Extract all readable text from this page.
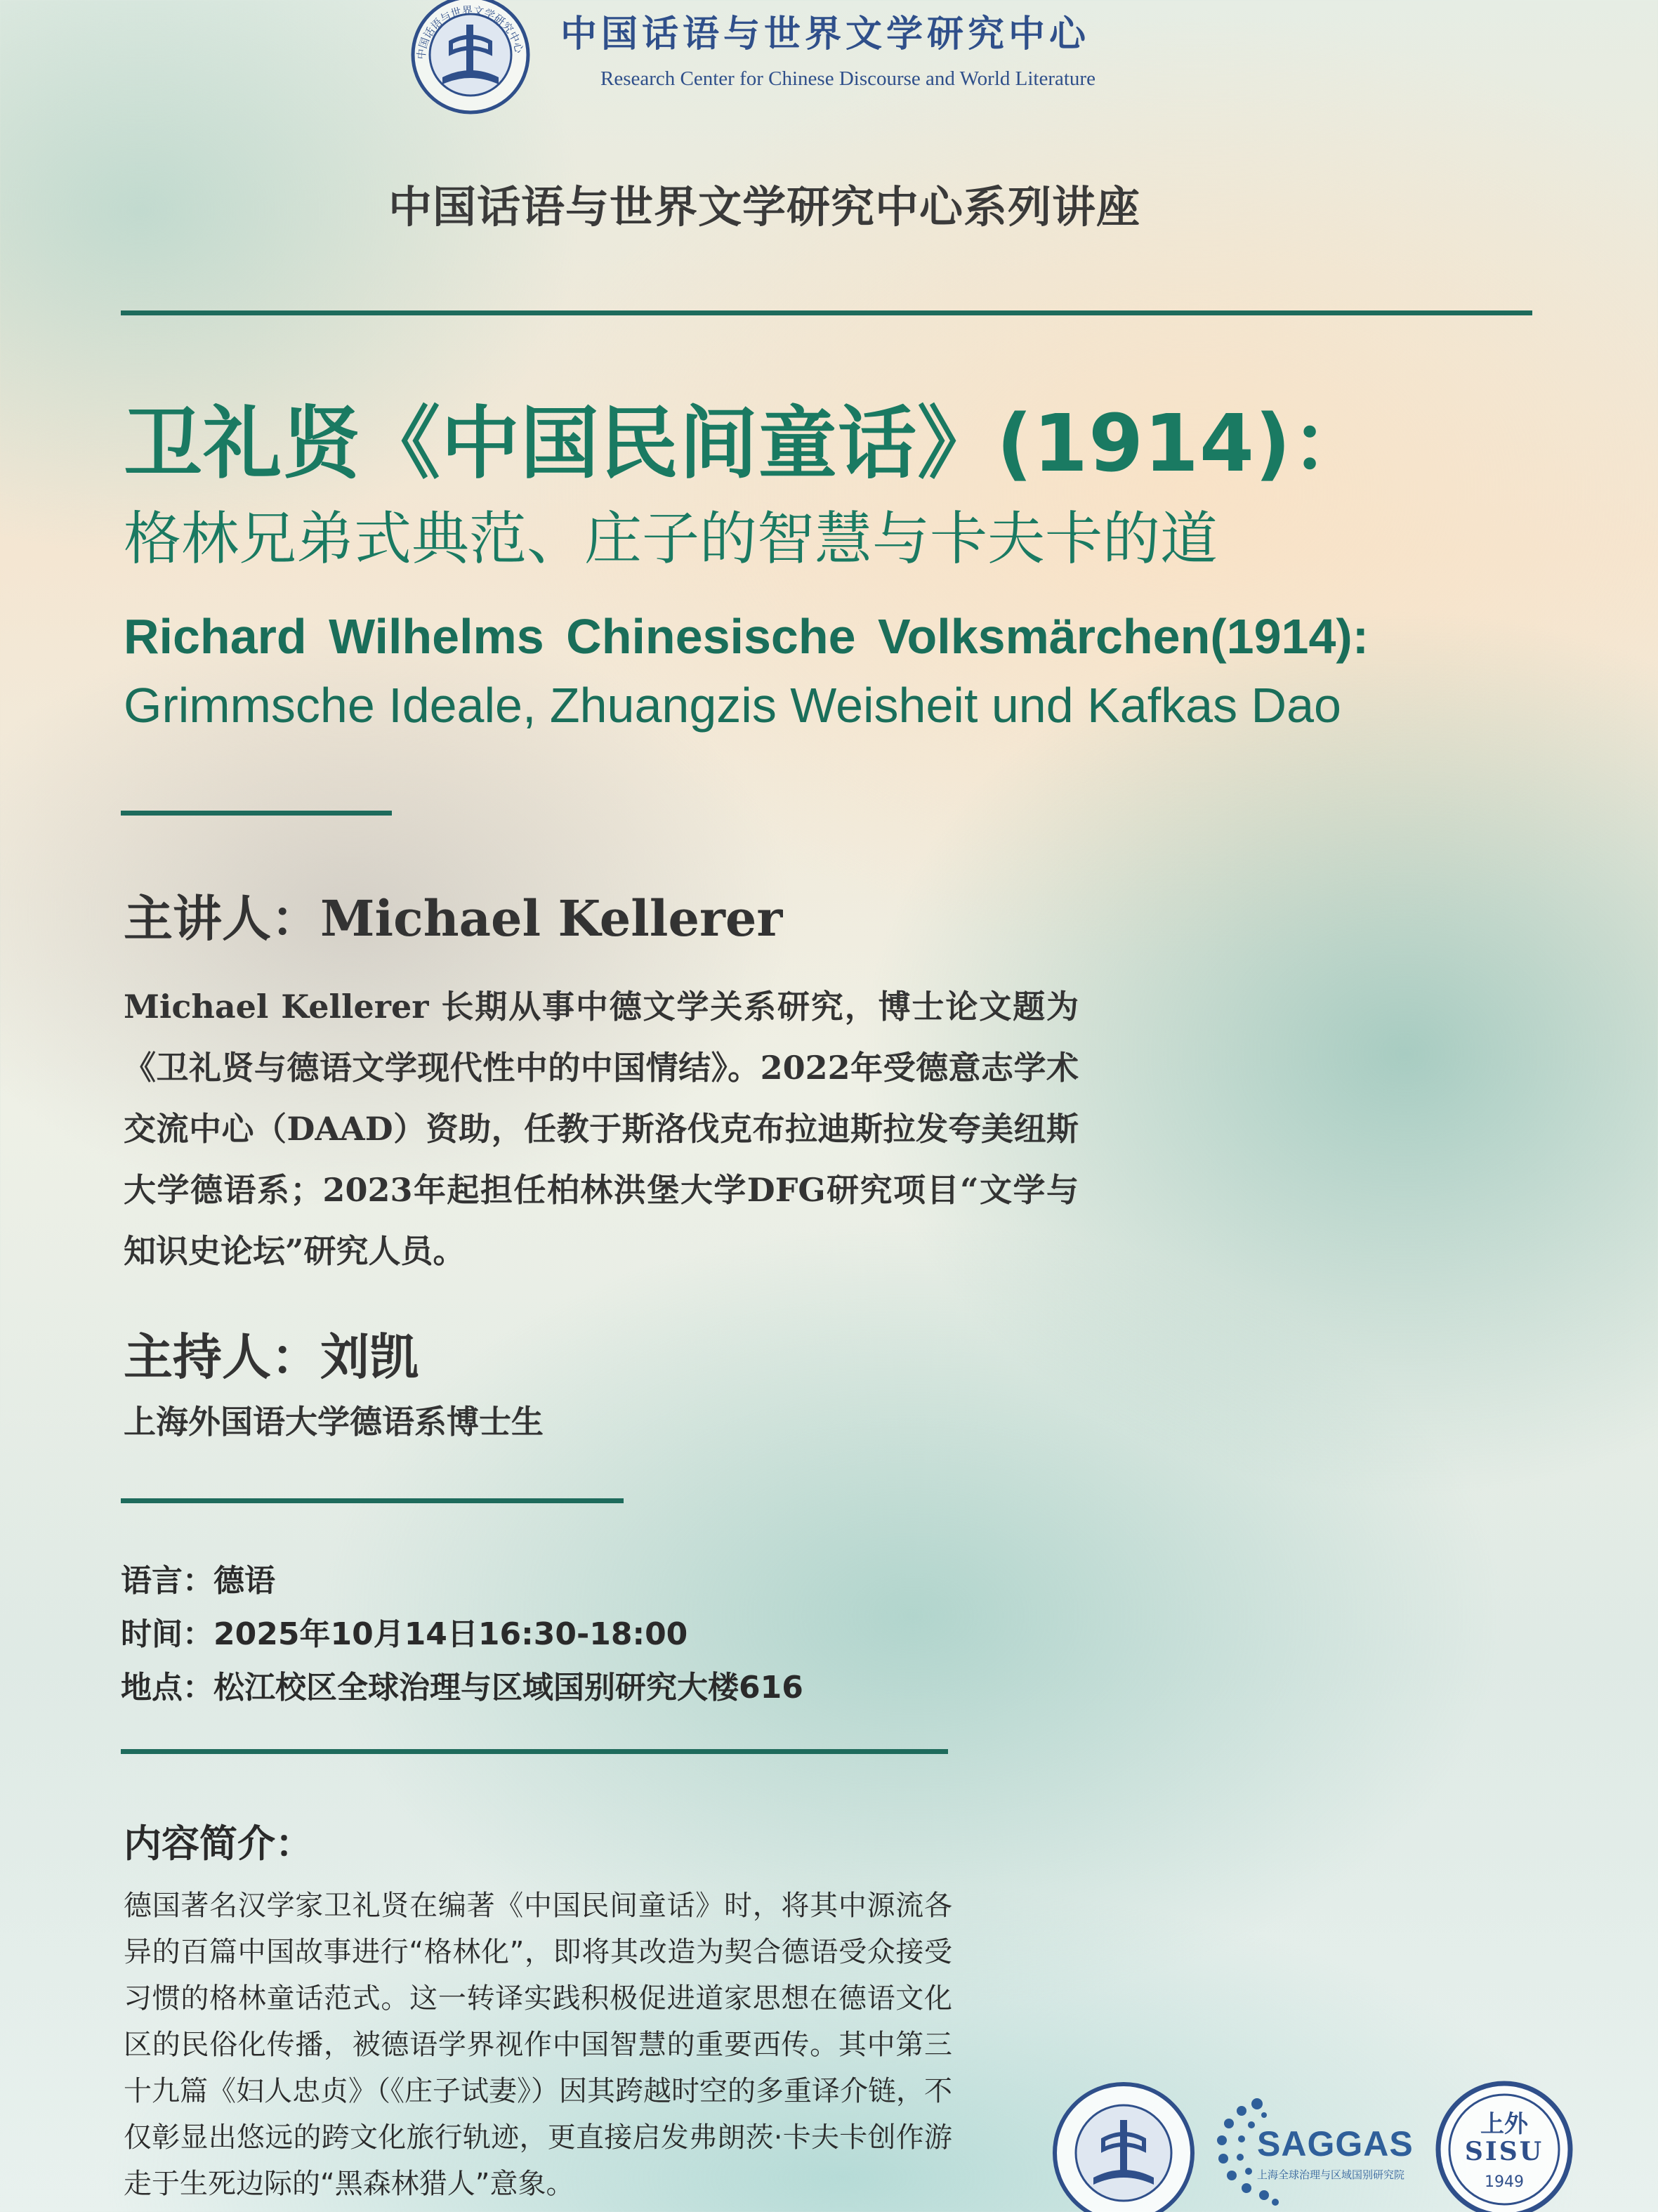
中国话语与世界文学研究中心 中国话语与世界文学研究中心
Research Center for Chinese Discourse and World Literature
中国话语与世界文学研究中心系列讲座
卫礼贤《中国民间童话》(1914)：
格林兄弟式典范、庄子的智慧与卡夫卡的道
Richard Wilhelms Chinesische Volksmärchen(1914):
Grimmsche Ideale, Zhuangzis Weisheit und Kafkas Dao
主讲人：Michael Kellerer
Michael Kellerer 长期从事中德文学关系研究，博士论文题为《卫礼贤与德语文学现代性中的中国情结》。2022年受德意志学术交流中心（DAAD）资助，任教于斯洛伐克布拉迪斯拉发夸美纽斯大学德语系；2023年起担任柏林洪堡大学DFG研究项目“文学与知识史论坛”研究人员。
主持人：刘凯
上海外国语大学德语系博士生
语言：德语
时间：2025年10月14日16:30-18:00
地点：松江校区全球治理与区域国别研究大楼616
内容简介：
德国著名汉学家卫礼贤在编著《中国民间童话》时，将其中源流各异的百篇中国故事进行“格林化”，即将其改造为契合德语受众接受习惯的格林童话范式。这一转译实践积极促进道家思想在德语文化区的民俗化传播，被德语学界视作中国智慧的重要西传。其中第三十九篇《妇人忠贞》（《庄子试妻》）因其跨越时空的多重译介链，不仅彰显出悠远的跨文化旅行轨迹，更直接启发弗朗茨·卡夫卡创作游走于生死边际的“黑森林猎人”意象。
SAGGAS
上海全球治理与区域国别研究院
上外
SISU
1949
